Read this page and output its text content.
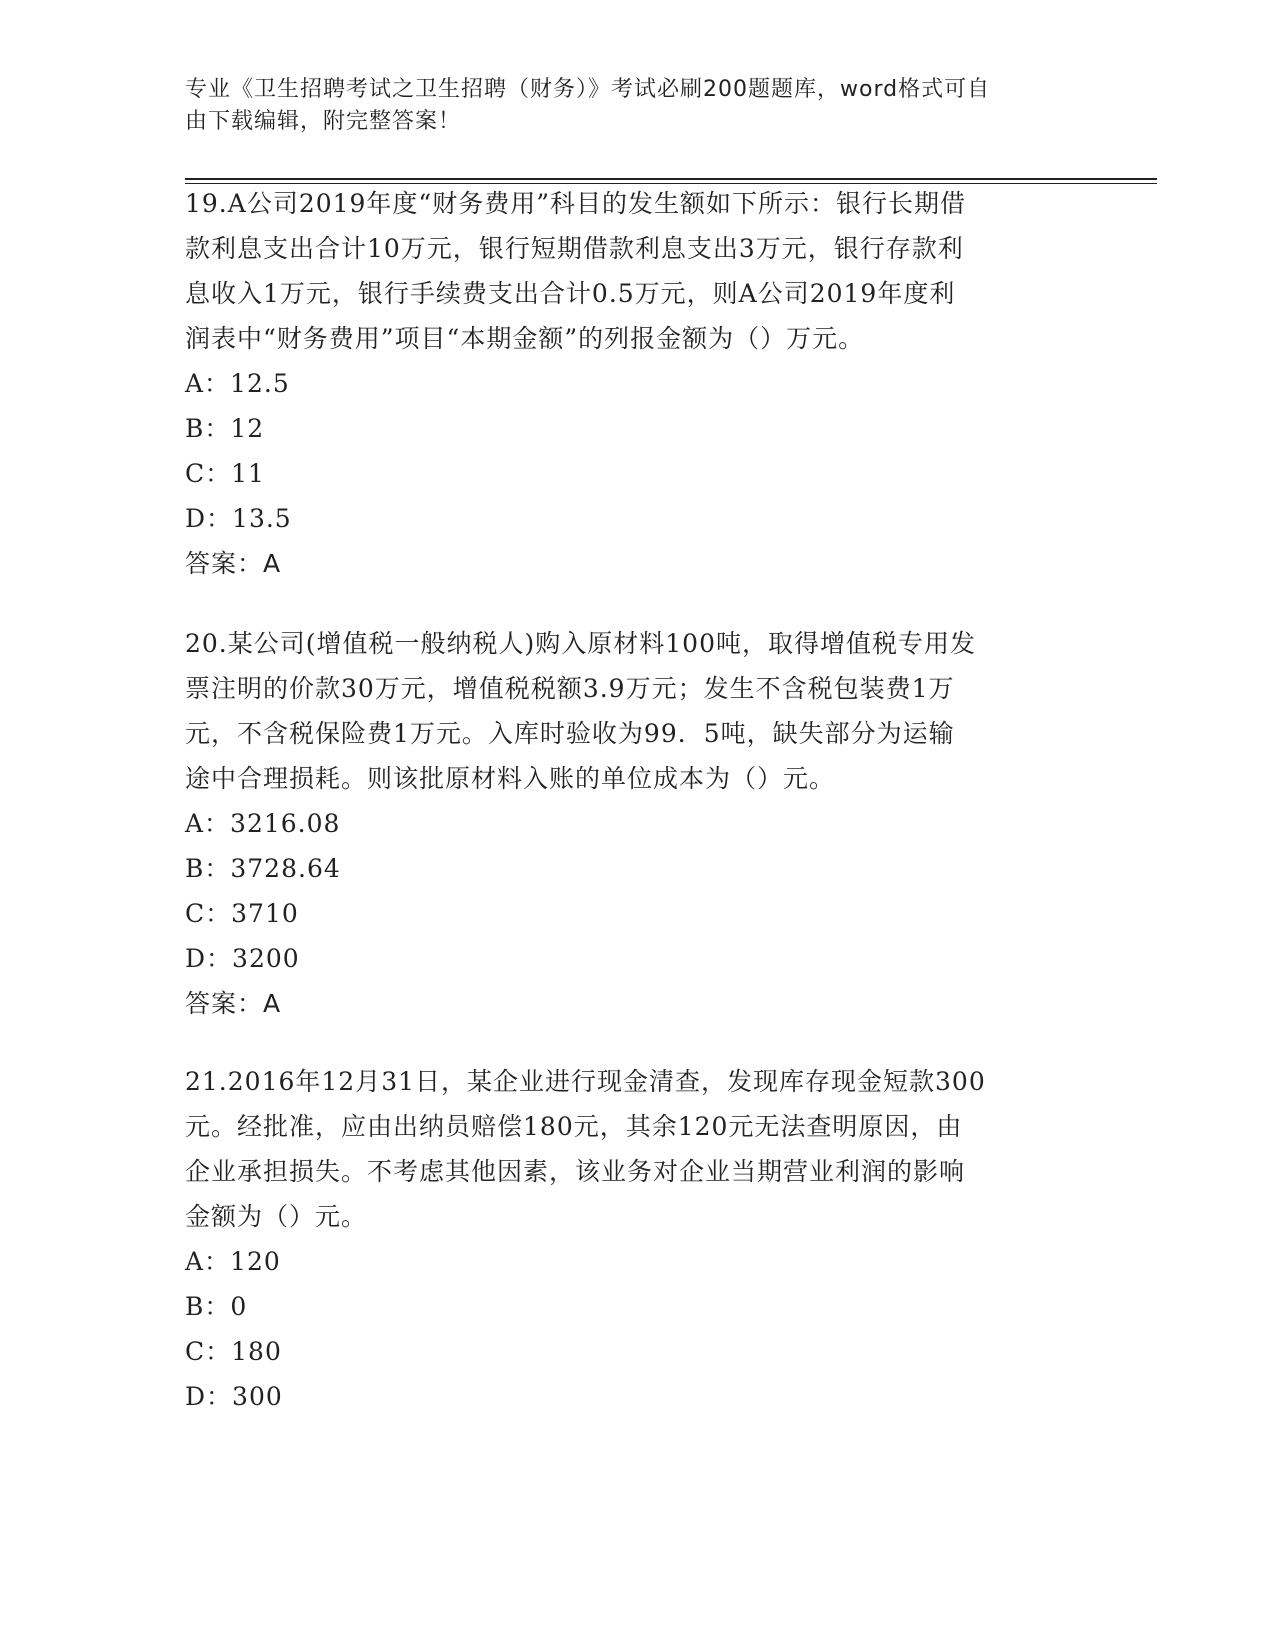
专业《卫生招聘考试之卫生招聘（财务）》考试必刷200题题库，word格式可自
由下载编辑，附完整答案！
19.A公司2019年度“财务费用”科目的发生额如下所示：银行长期借
款利息支出合计10万元，银行短期借款利息支出3万元，银行存款利
息收入1万元，银行手续费支出合计0.5万元，则A公司2019年度利
润表中“财务费用”项目“本期金额”的列报金额为（）万元。
A：12.5
B：12
C：11
D：13.5
答案：A
20.某公司(增值税一般纳税人)购入原材料100吨，取得增值税专用发
票注明的价款30万元，增值税税额3.9万元；发生不含税包装费1万
元，不含税保险费1万元。入库时验收为99．5吨，缺失部分为运输
途中合理损耗。则该批原材料入账的单位成本为（）元。
A：3216.08
B：3728.64
C：3710
D：3200
答案：A
21.2016年12月31日，某企业进行现金清查，发现库存现金短款300
元。经批准，应由出纳员赔偿180元，其余120元无法查明原因，由
企业承担损失。不考虑其他因素，该业务对企业当期营业利润的影响
金额为（）元。
A：120
B：0
C：180
D：300
